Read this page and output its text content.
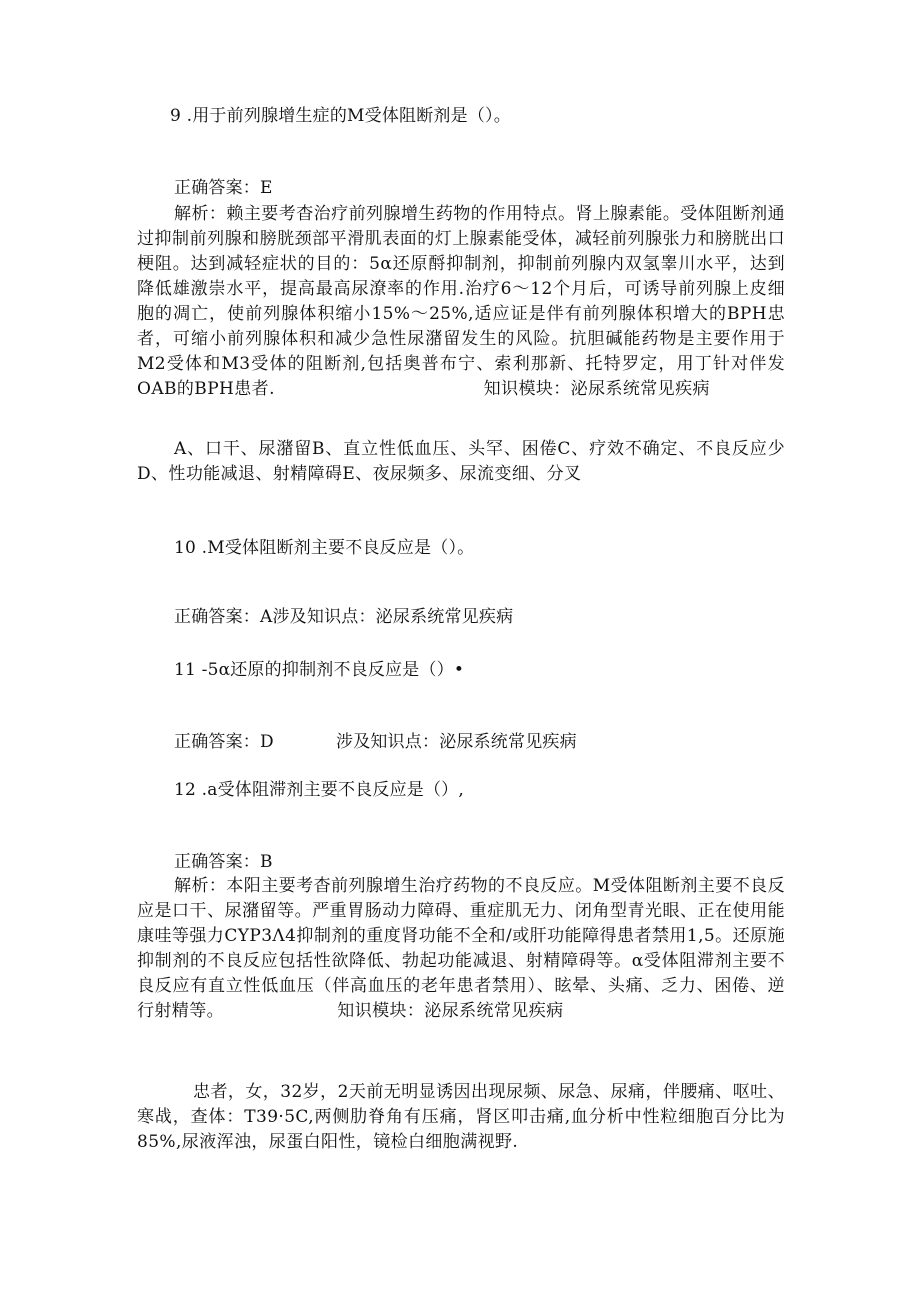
9 .用于前列腺增生症的M受体阻断剂是（）。
正确答案：E
解析：赖主要考杳治疗前列腺增生药物的作用特点。肾上腺素能。受体阻断剂通过抑制前列腺和膀胱颈部平滑肌表面的灯上腺素能受体，减轻前列腺张力和膀胱出口梗阻。达到减轻症状的目的：5α还原酹抑制剂，抑制前列腺内双氢睾川水平，达到降低雄激崇水平，提高最高尿潦率的作用.治疗6～12个月后，可诱导前列腺上皮细胞的凋亡，使前列腺体积缩小15%～25%,适应证是伴有前列腺体积增大的BPH忠者，可缩小前列腺体积和减少急性尿潴留发生的风险。抗胆碱能药物是主要作用于M2受体和M3受体的阻断剂,包括奥普布宁、索利那新、托特罗定，用丁针对伴发OAB的BPH患者.　　　　　　　　　　　　知识模块：泌尿系统常见疾病
A、口干、尿潴留B、直立性低血压、头罕、困倦C、疗效不确定、不良反应少D、性功能减退、射精障碍E、夜尿频多、尿流变细、分叉
10 .M受体阻断剂主要不良反应是（）。
正确答案：A涉及知识点：泌尿系统常见疾病
11 -5α还原的抑制剂不良反应是（）•
正确答案：D	涉及知识点：泌尿系统常见疾病
12 .a受体阻滞剂主要不良反应是（）,
正确答案：B
解析：本阳主要考杳前列腺增生治疗药物的不良反应。M受体阻断剂主要不良反应是口干、尿潴留等。严重胃肠动力障碍、重症肌无力、闭角型青光眼、正在使用能康哇等强力CYP3Λ4抑制剂的重度肾功能不全和/或肝功能障得患者禁用1,5。还原施抑制剂的不良反应包括性欲降低、勃起功能减退、射精障碍等。α受体阻滞剂主要不良反应有直立性低血压（伴高血压的老年患者禁用）、眩晕、头痛、乏力、困倦、逆行射精等。　　　　　　　知识模块：泌尿系统常见疾病
忠者，女，32岁，2天前无明显诱因出现尿频、尿急、尿痛，伴腰痛、呕吐、寒战，查体：T39·5C,两侧肋脊角有压痛，肾区叩击痛,血分析中性粒细胞百分比为85%,尿液浑浊，尿蛋白阳性，镜检白细胞满视野.
